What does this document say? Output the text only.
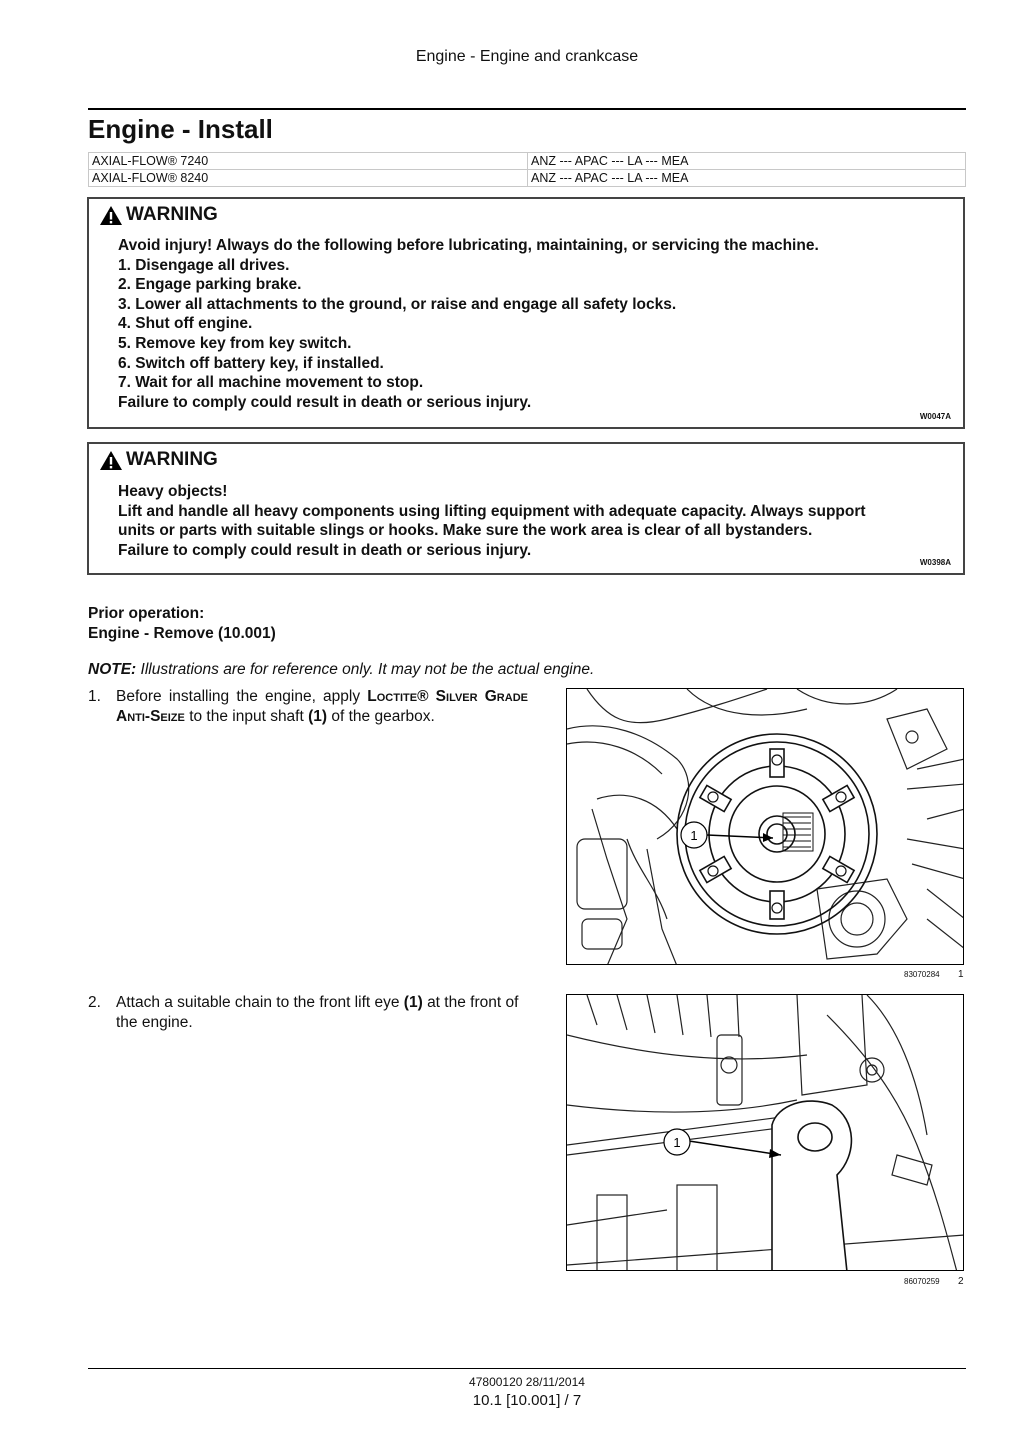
Engine - Engine and crankcase
Engine - Install
AXIAL-FLOW® 7240	ANZ --- APAC --- LA --- MEA
AXIAL-FLOW® 8240	ANZ --- APAC --- LA --- MEA
WARNING
Avoid injury! Always do the following before lubricating, maintaining, or servicing the machine.
1. Disengage all drives.
2. Engage parking brake.
3. Lower all attachments to the ground, or raise and engage all safety locks.
4. Shut off engine.
5. Remove key from key switch.
6. Switch off battery key, if installed.
7. Wait for all machine movement to stop.
Failure to comply could result in death or serious injury.
W0047A
WARNING
Heavy objects!
Lift and handle all heavy components using lifting equipment with adequate capacity. Always support
units or parts with suitable slings or hooks. Make sure the work area is clear of all bystanders.
Failure to comply could result in death or serious injury.
W0398A
Prior operation:
Engine - Remove (10.001)
NOTE: Illustrations are for reference only. It may not be the actual engine.
1. Before installing the engine, apply Loctite® Silver Grade Anti-Seize to the input shaft (1) of the gearbox.
1
83070284 1
2. Attach a suitable chain to the front lift eye (1) at the front of the engine.
1
86070259 2
47800120 28/11/2014
10.1 [10.001] / 7
